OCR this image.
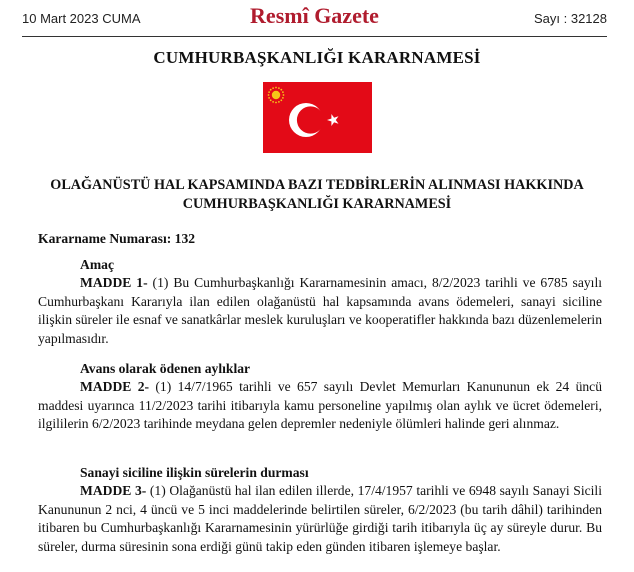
10 Mart 2023 CUMA	Resmî Gazete	Sayı : 32128
CUMHURBAŞKANLIĞI KARARNAMESİ
OLAĞANÜSTÜ HAL KAPSAMINDA BAZI TEDBİRLERİN ALINMASI HAKKINDA
CUMHURBAŞKANLIĞI KARARNAMESİ
Kararname Numarası: 132
Amaç

MADDE 1- (1) Bu Cumhurbaşkanlığı Kararnamesinin amacı, 8/2/2023 tarihli ve 6785 sayılı Cumhurbaşkanı Kararıyla ilan edilen olağanüstü hal kapsamında avans ödemeleri, sanayi siciline ilişkin süreler ile esnaf ve sanatkârlar meslek kuruluşları ve kooperatifler hakkında bazı düzenlemelerin yapılmasıdır.

Avans olarak ödenen aylıklar

MADDE 2- (1) 14/7/1965 tarihli ve 657 sayılı Devlet Memurları Kanununun ek 24 üncü maddesi uyarınca 11/2/2023 tarihi itibarıyla kamu personeline yapılmış olan aylık ve ücret ödemeleri, ilgililerin 6/2/2023 tarihinde meydana gelen depremler nedeniyle ölümleri halinde geri alınmaz.

Sanayi siciline ilişkin sürelerin durması

MADDE 3- (1) Olağanüstü hal ilan edilen illerde, 17/4/1957 tarihli ve 6948 sayılı Sanayi Sicili Kanununun 2 nci, 4 üncü ve 5 inci maddelerinde belirtilen süreler, 6/2/2023 (bu tarih dâhil) tarihinden itibaren bu Cumhurbaşkanlığı Kararnamesinin yürürlüğe girdiği tarih itibarıyla üç ay süreyle durur. Bu süreler, durma süresinin sona erdiği günü takip eden günden itibaren işlemeye başlar.
